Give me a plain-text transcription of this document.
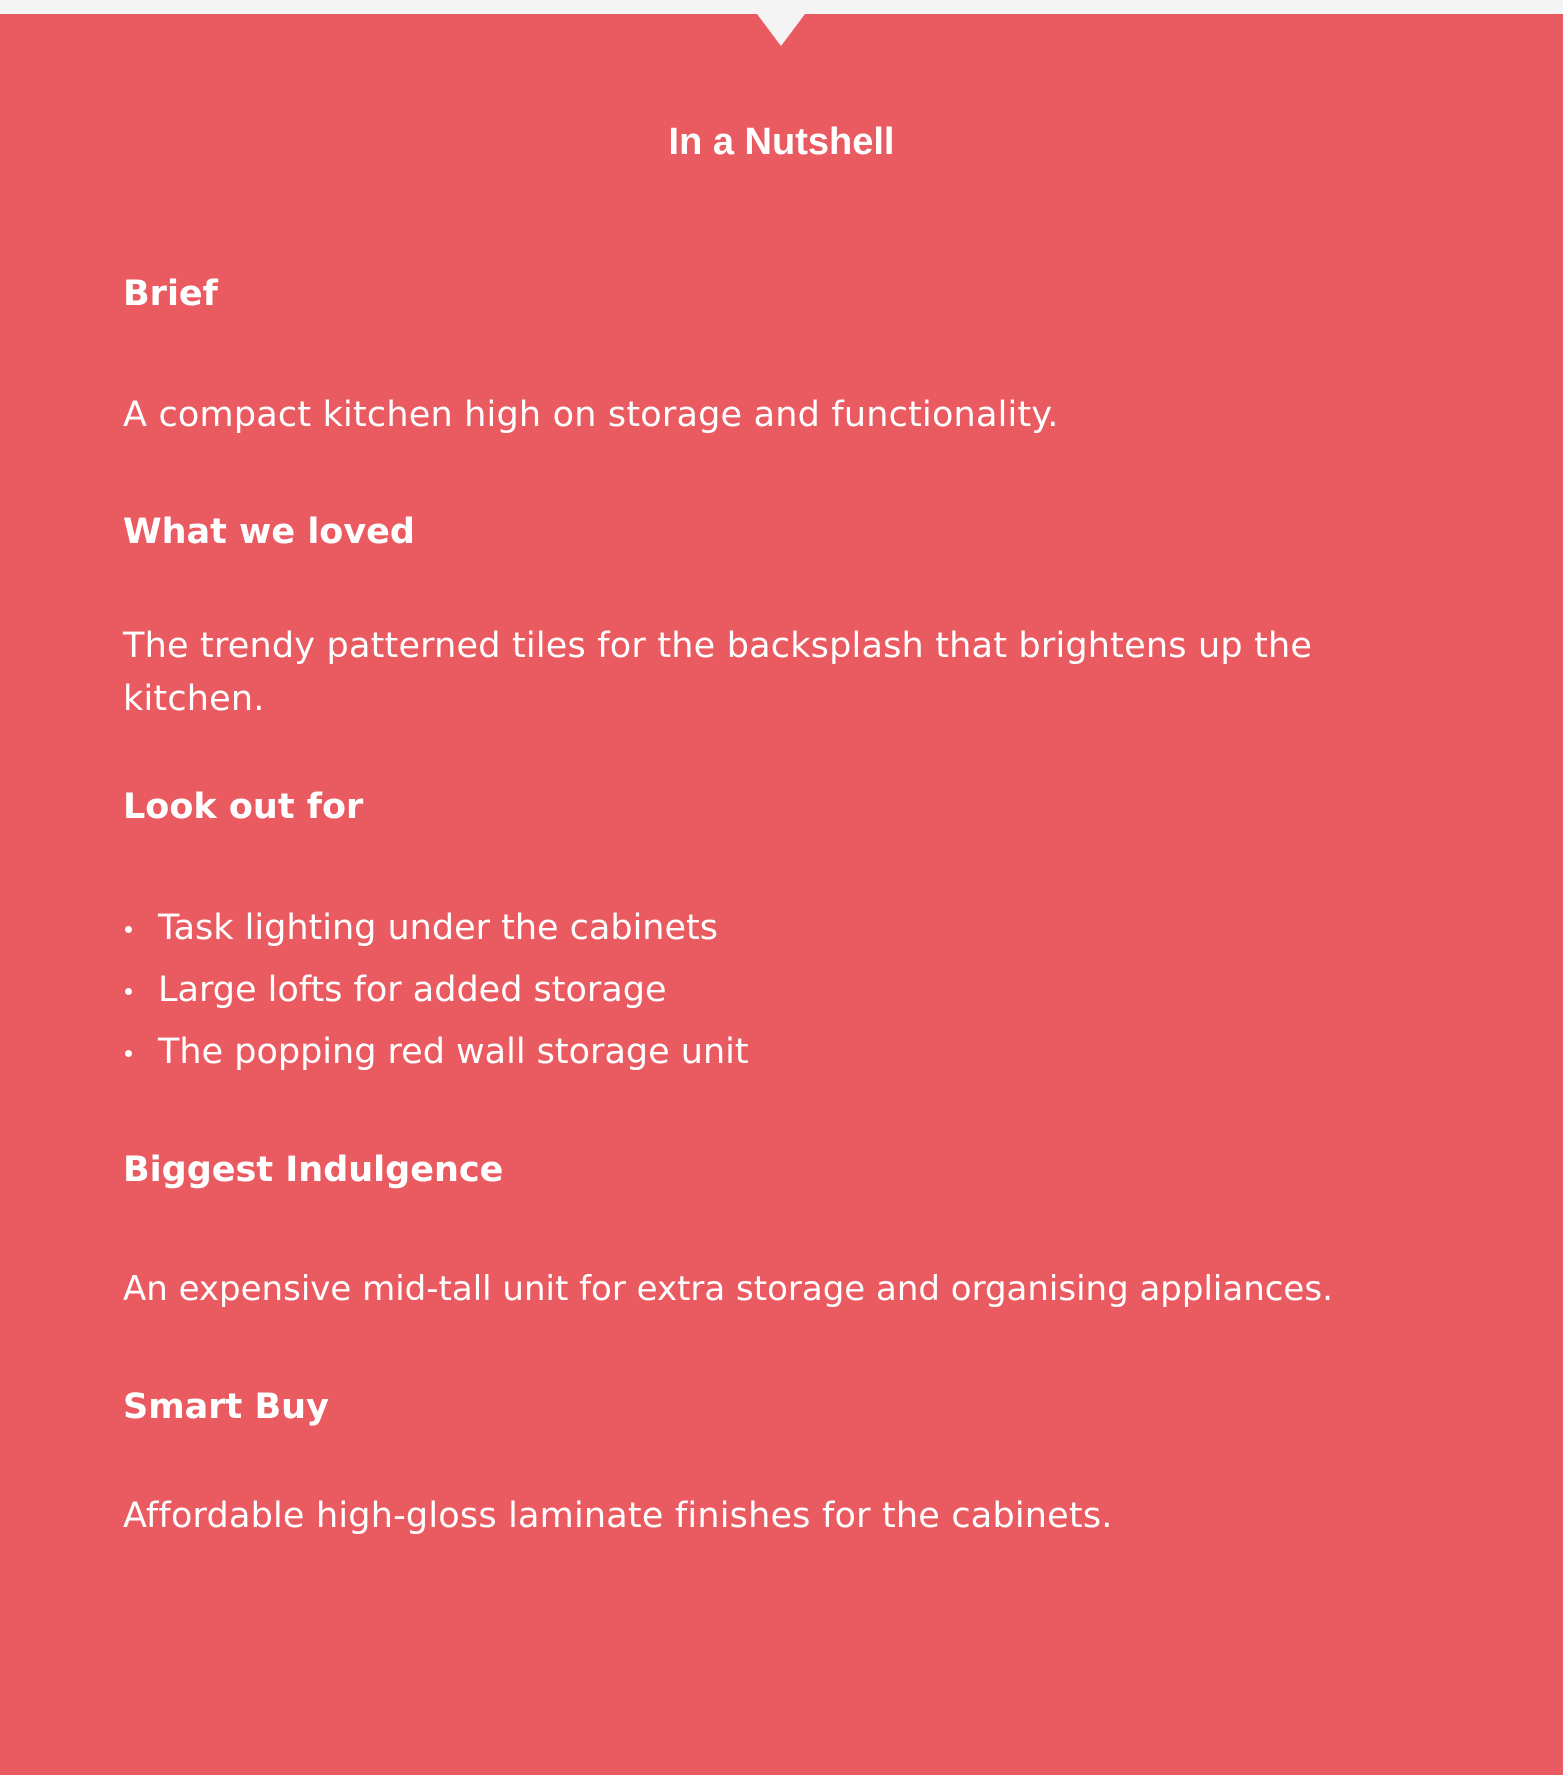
In a Nutshell
Brief
A compact kitchen high on storage and functionality.
What we loved
The trendy patterned tiles for the backsplash that brightens up the kitchen.
Look out for
Task lighting under the cabinets
Large lofts for added storage
The popping red wall storage unit
Biggest Indulgence
An expensive mid-tall unit for extra storage and organising appliances.
Smart Buy
Affordable high-gloss laminate finishes for the cabinets.
